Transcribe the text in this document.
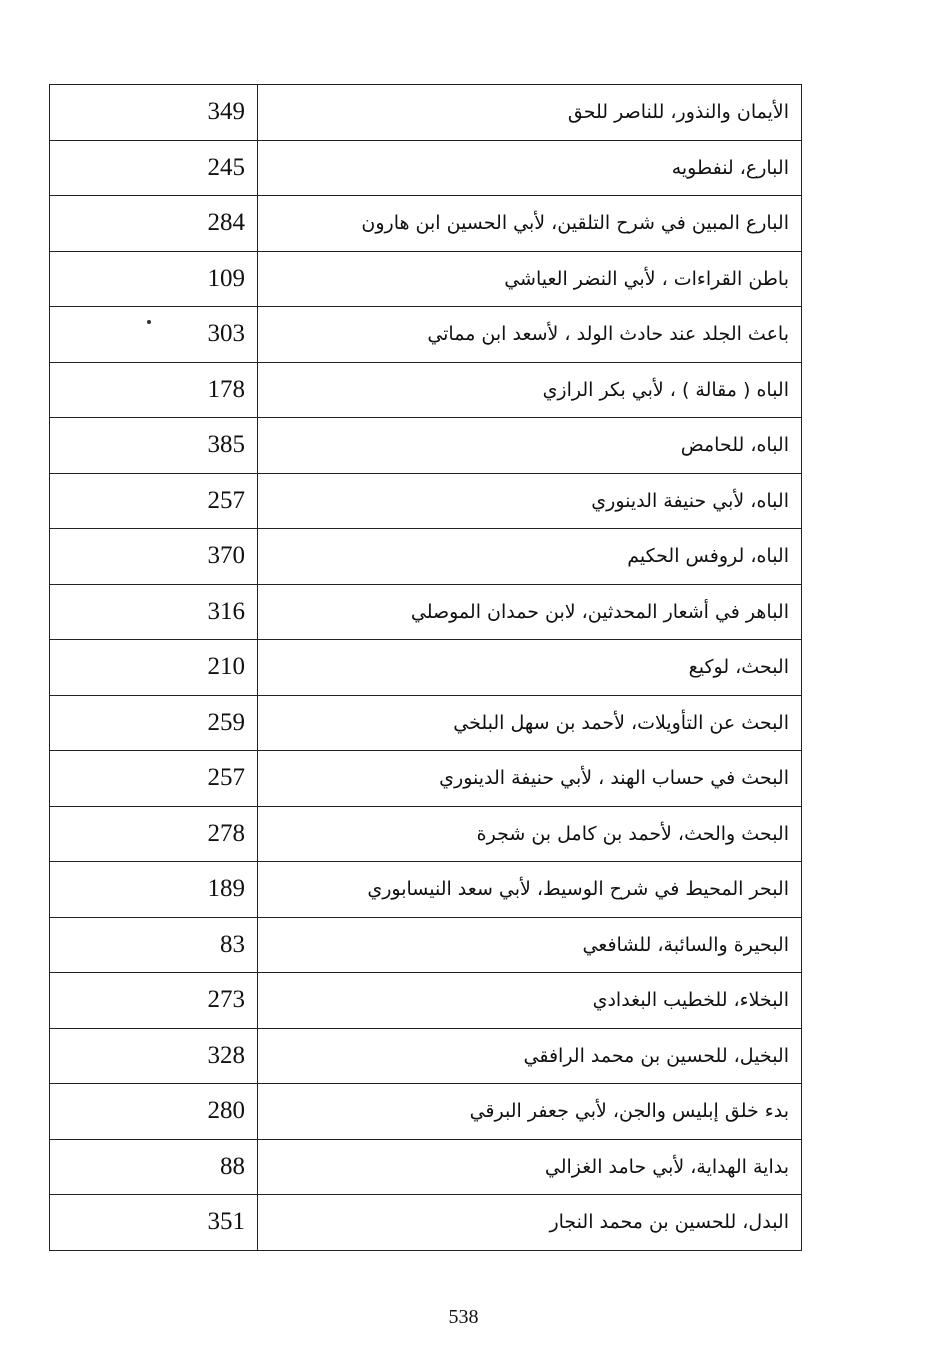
349	الأيمان والنذور، للناصر للحق
245	البارع، لنفطويه
284	البارع المبين في شرح التلقين، لأبي الحسين ابن هارون
109	باطن القراءات ، لأبي النضر العياشي
303	باعث الجلد عند حادث الولد ، لأسعد ابن مماتي
178	الباه ( مقالة ) ، لأبي بكر الرازي
385	الباه، للحامض
257	الباه، لأبي حنيفة الدينوري
370	الباه، لروفس الحكيم
316	الباهر في أشعار المحدثين، لابن حمدان الموصلي
210	البحث، لوكيع
259	البحث عن التأويلات، لأحمد بن سهل البلخي
257	البحث في حساب الهند ، لأبي حنيفة الدينوري
278	البحث والحث، لأحمد بن كامل بن شجرة
189	البحر المحيط في شرح الوسيط، لأبي سعد النيسابوري
83	البحيرة والسائبة، للشافعي
273	البخلاء، للخطيب البغدادي
328	البخيل، للحسين بن محمد الرافقي
280	بدء خلق إبليس والجن، لأبي جعفر البرقي
88	بداية الهداية، لأبي حامد الغزالي
351	البدل، للحسين بن محمد النجار
538
